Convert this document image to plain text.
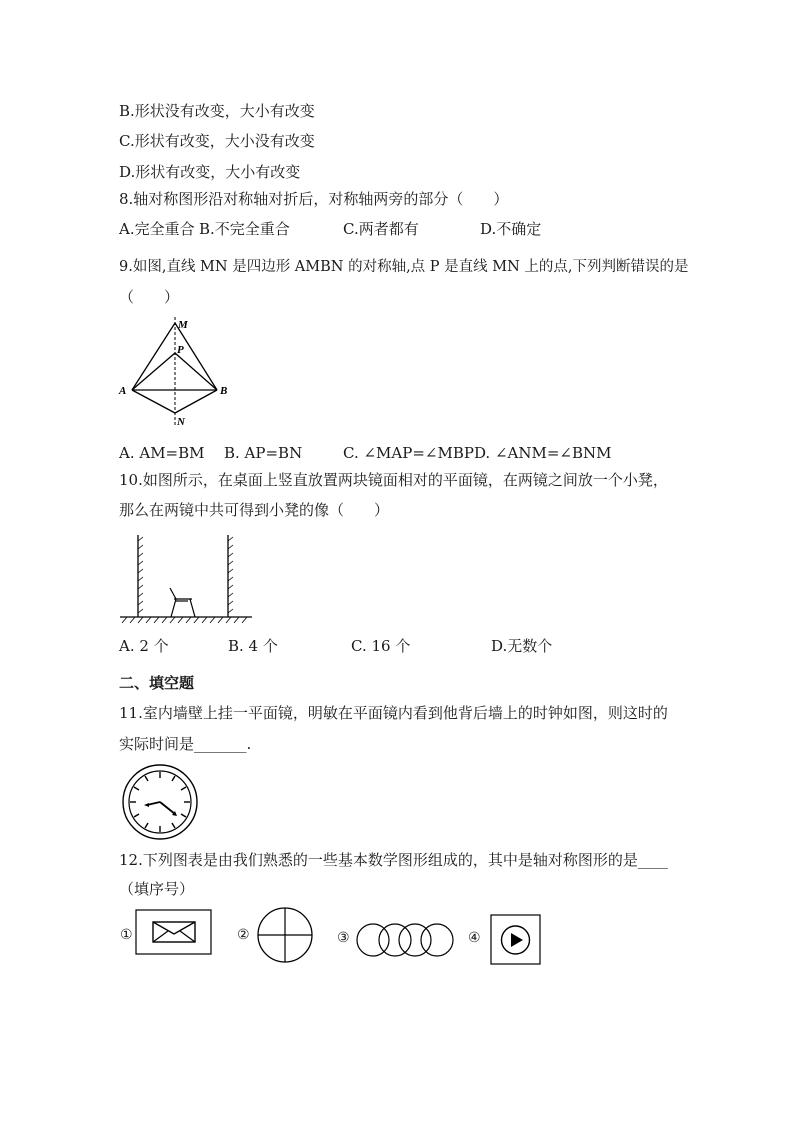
B.形状没有改变，大小有改变
C.形状有改变，大小没有改变
D.形状有改变，大小有改变
8.轴对称图形沿对称轴对折后，对称轴两旁的部分（　　）
A.完全重合 B.不完全重合	C.两者都有	D.不确定
9.如图,直线 MN 是四边形 AMBN 的对称轴,点 P 是直线 MN 上的点,下列判断错误的是
（　　）
M
P
A	B
N
A. AM=BM B. AP=BN	C. ∠MAP=∠MBPD. ∠ANM=∠BNM
10.如图所示，在桌面上竖直放置两块镜面相对的平面镜，在两镜之间放一个小凳，
那么在两镜中共可得到小凳的像（　　）
A. 2 个	B. 4 个	C. 16 个	D.无数个
二、填空题
11.室内墙壁上挂一平面镜，明敏在平面镜内看到他背后墙上的时钟如图，则这时的
实际时间是_______.
12.下列图表是由我们熟悉的一些基本数学图形组成的，其中是轴对称图形的是____
（填序号）
①	②	③	④
